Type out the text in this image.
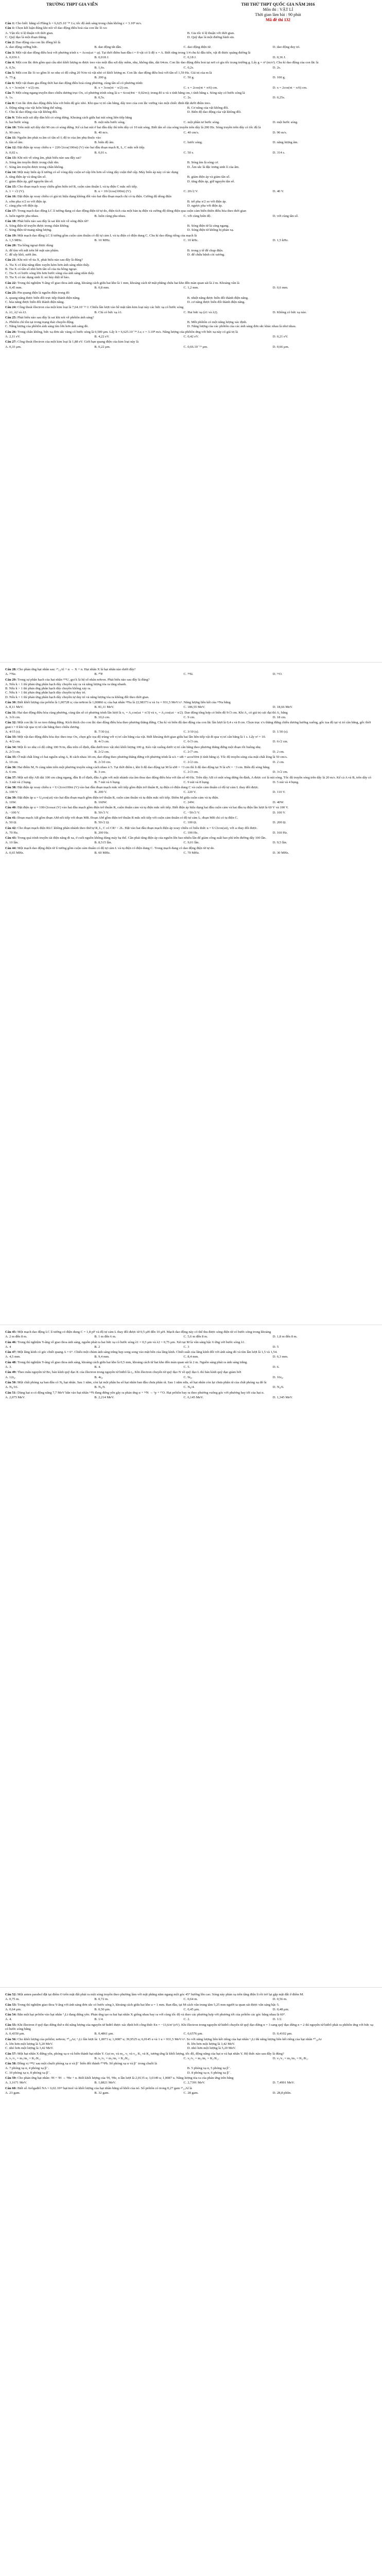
TRƯỜNG THPT GIA VIỄN	THI THỬ THPT QUỐC GIA NĂM 2016
Môn thi : VẬT LÍ
Thời gian làm bài : 90 phút
Mã đề thi 132
Câu 1: Cho biết: hằng số Plăng h = 6,625.10⁻³⁴ J.s; tốc độ ánh sáng trong chân không c = 3.10⁸ m/s.
Câu 1: Chọn kết luận đúng khi nói về dao động điều hoà của con lắc lò xo:
A. Vận tốc tỉ lệ thuận với thời gian.	B. Gia tốc tỉ lệ thuận với thời gian.
C. Quỹ đạo là một đoạn thẳng.	D. Quỹ đạo là một đường hình sin.
Câu 2: Dao động của con lắc đồng hồ là
A. dao động cưỡng bức.	B. dao động tắt dần.	C. dao động điện từ.	D. dao động duy trì.
Câu 3: Một vật dao động điều hoà với phương trình x = Acos(ωt + φ). Tại thời điểm ban đầu t = 0 vật có li độ x = A. Biết rằng trong 1/4 chu kì đầu tiên, vật đi được quãng đường là
A. 0,036 J.	B. 0,018 J.	C. 0,18 J.	D. 0,36 J.
Câu 4: Một con lắc đơn gồm quả cầu nhỏ khối lượng m được treo vào một đầu sợi dây mềm, nhẹ, không dãn, dài 64cm. Con lắc dao động điều hoà tại nơi có gia tốc trọng trường g. Lấy g = π² (m/s²). Chu kì dao động của con lắc là
A. 0,5s.	B. 1,6s.	C. 0,2s.	D. 2s.
Câu 5: Một con lắc lò xo gồm lò xo nhẹ có độ cứng 20 N/m và vật nhỏ có khối lượng m. Con lắc dao động điều hoà với tần số 1,59 Hz. Giá trị của m là
A. 75 g.	B. 200 g.	C. 50 g.	D. 100 g.
Câu 6: Một vật tham gia đồng thời hai dao động điều hoà cùng phương, cùng tần số có phương trình:
A. x = 3cos(πt + π/2) cm.	B. x = 3cos(πt − π/2) cm.	C. x = 2cos(πt + π/6) cm.	D. x = 2cos(πt − π/6) cm.
Câu 7: Một sóng ngang truyền theo chiều dương trục Ox, có phương trình sóng là u = 6cos(4πt − 0,02πx); trong đó u và x tính bằng cm, t tính bằng s. Sóng này có bước sóng là
A. 1s.	B. 0,5s.	C. 2s.	D. 0,25s.
Câu 8: Con lắc đơn dao động điều hòa với biên độ góc nhỏ. Khi qua vị trí cân bằng, dây treo của con lắc vướng vào một chiếc đinh đặt dưới điểm treo.
A. Động năng của vật luôn bằng thế năng.	B. Cơ năng của vật không đổi.
C. Chu kì dao động của vật không đổi.	D. Biên độ dao động của vật không đổi.
Câu 9: Trên một sợi dây đàn hồi có sóng dừng. Khoảng cách giữa hai nút sóng liên tiếp bằng
A. hai bước sóng.	B. một nửa bước sóng.	C. một phần tư bước sóng.	D. một bước sóng.
Câu 10: Trên một sợi dây dài 90 cm có sóng dừng. Kể cả hai nút ở hai đầu dây thì trên dây có 10 nút sóng. Biết tần số của sóng truyền trên dây là 200 Hz. Sóng truyền trên dây có tốc độ là
A. 90 cm/s.	B. 40 m/s.	C. 40 cm/s.	D. 90 m/s.
Câu 11: Nguồn âm phát ra âm có tần số f; độ to của âm phụ thuộc vào
A. tần số âm.	B. biên độ âm.	C. bước sóng.	D. năng lượng âm.
Câu 12: Đặt điện áp xoay chiều u = 220√2cos(100πt) (V) vào hai đầu đoạn mạch R, L, C mắc nối tiếp.
A. 0,02 s.	B. 0,01 s.	C. 50 s.	D. 314 s.
Câu 13: Khi nói về sóng âm, phát biểu nào sau đây sai?
A. Sóng âm truyền được trong chất rắn.	B. Sóng âm là sóng cơ.
C. Sóng âm truyền được trong chân không.	D. Âm sắc là đặc trưng sinh lí của âm.
Câu 14: Một máy biến áp lí tưởng có số vòng dây cuộn sơ cấp lớn hơn số vòng dây cuộn thứ cấp. Máy biến áp này có tác dụng
A. tăng điện áp và tăng tần số.	B. giảm điện áp và giảm tần số.
C. giảm điện áp, giữ nguyên tần số.	D. tăng điện áp, giữ nguyên tần số.
Câu 15: Cho đoạn mạch xoay chiều gồm biến trở R, cuộn cảm thuần L và tụ điện C mắc nối tiếp.
A. 1 = √2 (V).	B. u = 10√2cos(100πt) (V).	C. 20√2 V.	D. 40 V.
Câu 16: Đặt điện áp xoay chiều có giá trị hiệu dụng không đổi vào hai đầu đoạn mạch chỉ có tụ điện. Cường độ dòng điện
A. sớm pha π/2 so với điện áp.	B. trễ pha π/2 so với điện áp.
C. cùng pha với điện áp.	D. ngược pha với điện áp.
Câu 17: Trong mạch dao động LC lí tưởng đang có dao động điện từ tự do, điện tích của một bản tụ điện và cường độ dòng điện qua cuộn cảm biến thiên điều hòa theo thời gian
A. luôn ngược pha nhau.	B. luôn cùng pha nhau.	C. với cùng biên độ.	D. với cùng tần số.
Câu 18: Phát biểu nào sau đây là sai khi nói về sóng điện từ?
A. Sóng điện từ truyền được trong chân không.	B. Sóng điện từ là sóng ngang.
C. Sóng điện từ mang năng lượng.	D. Sóng điện từ không bị phản xạ.
Câu 19: Một mạch dao động LC lí tưởng gồm cuộn cảm thuần có độ tự cảm L và tụ điện có điện dung C. Chu kì dao động riêng của mạch là
A. 1,5 MHz.	B. 10 MHz.	C. 10 kHz.	D. 1,5 kHz.
Câu 20: Tia hồng ngoại được dùng
A. để tìm vết nứt trên bề mặt sản phẩm.	B. trong y tế để chụp điện.
C. để sấy khô, sưởi ấm.	D. để chữa bệnh còi xương.
Câu 21: Khi nói về tia X, phát biểu nào sau đây là đúng?
A. Tia X có khả năng đâm xuyên kém hơn ánh sáng nhìn thấy.
B. Tia X có tần số nhỏ hơn tần số của tia hồng ngoại.
C. Tia X có bước sóng lớn hơn bước sóng của ánh sáng nhìn thấy.
D. Tia X có tác dụng sinh lí: nó hủy diệt tế bào.
Câu 22: Trong thí nghiệm Y-âng về giao thoa ánh sáng, khoảng cách giữa hai khe là 1 mm, khoảng cách từ mặt phẳng chứa hai khe đến màn quan sát là 2 m. Khoảng vân là
A. 0,45 mm.	B. 0,8 mm.	C. 1,2 mm.	D. 0,6 mm.
Câu 23: Pin quang điện là nguồn điện trong đó
A. quang năng được biến đổi trực tiếp thành điện năng.	B. nhiệt năng được biến đổi thành điện năng.
C. hóa năng được biến đổi thành điện năng.	D. cơ năng được biến đổi thành điện năng.
Câu 24: Công thoát êlectron của một kim loại là 7,64.10⁻¹⁹ J. Chiếu lần lượt vào bề mặt tấm kim loại này các bức xạ có bước sóng
A. λ1, λ2 và λ3.	B. Chỉ có bức xạ λ1.	C. Hai bức xạ (λ1 và λ2).	D. Không có bức xạ nào.
Câu 25: Phát biểu nào sau đây là sai khi nói về phôtôn ánh sáng?
A. Phôtôn chỉ tồn tại trong trạng thái chuyển động.	B. Mỗi phôtôn có một năng lượng xác định.
C. Năng lượng của phôtôn ánh sáng tím lớn hơn ánh sáng đỏ.	D. Năng lượng của các phôtôn của các ánh sáng đơn sắc khác nhau là như nhau.
Câu 26: Trong chân không, bức xạ đơn sắc vàng có bước sóng là 0,589 μm. Lấy h = 6,625.10⁻³⁴ J.s; c = 3.10⁸ m/s. Năng lượng của phôtôn ứng với bức xạ này có giá trị là
A. 2,11 eV.	B. 4,22 eV.	C. 0,42 eV.	D. 0,21 eV.
Câu 27: Công thoát êlectron của một kim loại là 1,88 eV. Giới hạn quang điện của kim loại này là
A. 0,33 μm.	B. 0,22 μm.	C. 0,66.10⁻¹⁹ μm.	D. 0,66 μm.
Câu 28: Cho phản ứng hạt nhân sau: ²⁷₁₃Al + α → X + n. Hạt nhân X là hạt nhân nào dưới đây?
A. ²⁴Ne.	B. ³⁰P.	C. ²⁸Si.	D. ¹⁶O.
Câu 29: Trong sự phân hạch của hạt nhân ²³⁵U, gọi k là hệ số nhân nơtron. Phát biểu nào sau đây là đúng?
A. Nếu k < 1 thì phản ứng phân hạch dây chuyền xảy ra và năng lượng tỏa ra tăng nhanh.
B. Nếu k > 1 thì phản ứng phân hạch dây chuyền không xảy ra.
C. Nếu k > 1 thì phản ứng phân hạch dây chuyền tự duy trì.
D. Nếu k = 1 thì phản ứng phân hạch dây chuyền tự duy trì và năng lượng tỏa ra không đổi theo thời gian.
Câu 30: Biết khối lượng của prôtôn là 1,00728 u; của nơtron là 1,00866 u; của hạt nhân ²³Na là 22,98373 u và 1u = 931,5 MeV/c². Năng lượng liên kết của ²³Na bằng
A. 8,11 MeV.	B. 81,11 MeV.	C. 186,55 MeV.	D. 18,66 MeV.
Câu 31: Hai dao động điều hòa cùng phương, cùng tần số có phương trình lần lượt là x₁ = A₁cos(ωt + π/3) và x₂ = A₂cos(ωt − π/2). Dao động tổng hợp có biên độ 9√3 cm. Khi A₂ có giá trị cực đại thì A₁ bằng
A. 3√6 cm.	B. 10,6 cm.	C. 9 cm.	D. 18 cm.
Câu 32: Một con lắc lò xo treo thẳng đứng. Kích thích cho con lắc dao động điều hòa theo phương thẳng đứng. Chu kì và biên độ dao động của con lắc lần lượt là 0,4 s và 8 cm. Chọn trục x'x thẳng đứng chiều dương hướng xuống, gốc tọa độ tại vị trí cân bằng, gốc thời gian t = 0 khi vật qua vị trí cân bằng theo chiều dương.
A. 4/15 (s).	B. 7/30 (s).	C. 3/10 (s).	D. 1/30 (s).
Câu 33: Một vật dao động điều hòa dọc theo trục Ox, chọn gốc tọa độ trùng với vị trí cân bằng của vật. Biết khoảng thời gian giữa hai lần liên tiếp vật đi qua vị trí cân bằng là 1 s. Lấy π² = 10.
A. 4√2 cm.	B. 4√3 cm.	C. 6√3 cm.	D. 6√2 cm.
Câu 34: Một lò xo nhẹ có độ cứng 100 N/m, đầu trên cố định, đầu dưới treo vật nhỏ khối lượng 100 g. Kéo vật xuống dưới vị trí cân bằng theo phương thẳng đứng một đoạn rồi buông nhẹ.
A. 2√3 cm.	B. 2√2 cm.	C. 2√7 cm.	D. 2 cm.
Câu 35: Ở mặt chất lỏng có hai nguồn sóng A, B cách nhau 18 cm, dao động theo phương thẳng đứng với phương trình là uA = uB = acos50πt (t tính bằng s). Tốc độ truyền sóng của mặt chất lỏng là 50 cm/s.
A. 10 cm.	B. 2√10 cm.	C. 2√2 cm.	D. 2 cm.
Câu 36: Hai điểm M, N cùng nằm trên một phương truyền sóng cách nhau λ/3. Tại thời điểm t, khi li độ dao động tại M là uM = +3 cm thì li độ dao động tại N là uN = −3 cm. Biên độ sóng bằng
A. 6 cm.	B. 3 cm.	C. 2√3 cm.	D. 3√2 cm.
Câu 37: Một sợi dây AB dài 100 cm căng ngang, đầu B cố định, đầu A gắn với một nhánh của âm thoa dao động điều hòa với tần số 40 Hz. Trên dây AB có một sóng dừng ổn định, A được coi là nút sóng. Tốc độ truyền sóng trên dây là 20 m/s. Kể cả A và B, trên dây có
A. 3 nút và 2 bụng.	B. 7 nút và 6 bụng.	C. 9 nút và 8 bụng.	D. 5 nút và 4 bụng.
Câu 38: Đặt điện áp xoay chiều u = U√2cos100πt (V) vào hai đầu đoạn mạch mắc nối tiếp gồm điện trở thuần R, tụ điện có điện dung C và cuộn cảm thuần có độ tự cảm L thay đổi được.
A. 100 V.	B. 200 V.	C. 220 V.	D. 110 V.
Câu 39: Đặt điện áp u = U₀cos(ωt) vào hai đầu đoạn mạch gồm điện trở thuần R, cuộn cảm thuần và tụ điện mắc nối tiếp. Điểm M giữa cuộn cảm và tụ điện.
A. 16W.	B. 160W.	C. 24W.	D. 40W.
Câu 40: Đặt điện áp u = 100√2cosωt (V) vào hai đầu mạch gồm điện trở thuần R, cuộn thuần cảm và tụ điện mắc nối tiếp. Biết điện áp hiệu dụng hai đầu cuộn cảm và hai đầu tụ điện lần lượt là 60 V và 100 V.
A. −100 V.	B. 50√3 V.	C. −50√3 V.	D. 100 V.
Câu 41: Đoạn mạch AB gồm đoạn AM nối tiếp với đoạn MB. Đoạn AM gồm điện trở thuần R mắc nối tiếp với cuộn cảm thuần có độ tự cảm L; đoạn MB chỉ có tụ điện C.
A. 50 Ω.	B. 50√2 Ω.	C. 100 Ω.	D. 200 Ω.
Câu 42: Cho đoạn mạch điện RLC không phân nhánh theo thứ tự R, L, C có CR² < 2L. Đặt vào hai đầu đoạn mạch điện áp xoay chiều có biểu thức u = U√2cos(ωt), với ω thay đổi được.
A. 70 Hz.	B. 200 Hz.	C. 100 Hz.	D. 160 Hz.
Câu 43: Trong quá trình truyền tải điện năng đi xa, ở cuối nguồn không dùng máy hạ thế. Cần phải tăng điện áp của nguồn lên bao nhiêu lần để giảm công suất hao phí trên đường dây 100 lần.
A. 10 lần.	B. 8,515 lần.	C. 9,01 lần.	D. 9,5 lần.
Câu 44: Một mạch dao động điện từ lí tưởng gồm cuộn cảm thuần có độ tự cảm L và tụ điện có điện dung C. Trong mạch đang có dao động điện từ tự do.
A. 0,65 MHz.	B. 60 MHz.	C. 70 MHz.	D. 30 MHz.
Câu 45: Một mạch dao động LC lí tưởng có điện dung C = 1,8 pF và độ tự cảm L thay đổi được từ 0,5 μH đến 10 μH. Mạch dao động này có thể thu được sóng điện từ có bước sóng trong khoảng
A. 2 m đến 8 m.	B. 1 m đến 6 m.	C. 5,6 m đến 8 m.	D. 1,8 m đến 8 m.
Câu 46: Trong thí nghiệm Y-âng về giao thoa ánh sáng, nguồn phát ra hai bức xạ có bước sóng λ1 = 0,5 μm và λ2 = 0,75 μm. Xét tại M là vân sáng bậc 6 ứng với bước sóng λ1.
A. 4	B. 2	C. 3	D. 5
Câu 47: Một lăng kính có góc chiết quang A = 6°. Chiếu một chùm ánh sáng trắng hẹp song song vào mặt bên của lăng kính. Chiết suất của lăng kính đối với ánh sáng đỏ và tím lần lượt là 1,5 và 1,54.
A. 4,5 mm.	B. 9,4 mm.	C. 8,4 mm.	D. 6,3 mm.
Câu 48: Trong thí nghiệm Y-âng về giao thoa ánh sáng, khoảng cách giữa hai khe là 0,5 mm, khoảng cách từ hai khe đến màn quan sát là 2 m. Nguồn sáng phát ra ánh sáng trắng.
A. 3.	B. 4.	C. 5.	D. 6.
Câu 49: Theo mẫu nguyên tử Bo, bán kính quỹ đạo K của êlectron trong nguyên tử hiđrô là r₀. Khi êlectron chuyển từ quỹ đạo N về quỹ đạo L thì bán kính quỹ đạo giảm bớt
A. 12r₀.	B. 4r₀.	C. 9r₀.	D. 16r₀.
Câu 50: Một chất phóng xạ ban đầu có N₀ hạt nhân. Sau 1 năm, còn lại một phần ba số hạt nhân ban đầu chưa phân rã. Sau 1 năm nữa, số hạt nhân còn lại chưa phân rã của chất phóng xạ đó là
A. N₀/16.	B. N₀/9.	C. N₀/4.	D. N₀/6.
Câu 51: Dùng hạt α có động năng 7,7 MeV bắn vào hạt nhân ¹⁴N đang đứng yên gây ra phản ứng α + ¹⁴N → ¹p + ¹⁷O. Hạt prôtôn bay ra theo phương vuông góc với phương bay tới của hạt α.
A. 2,075 MeV.	B. 2,214 MeV.	C. 6,145 MeV.	D. 1,345 MeV.
Câu 52: Một anten parabol đặt tại điểm O trên mặt đất phát ra một sóng truyền theo phương làm với mặt phẳng nằm ngang một góc 45° hướng lên cao. Sóng này phản xạ trên tầng điện li rồi trở lại gặp mặt đất ở điểm M.
A. 0,75 m.	B. 0,72 m.	C. 0,64 m.	D. 0,56 m.
Câu 53: Trong thí nghiệm giao thoa Y-âng với ánh sáng đơn sắc có bước sóng λ, khoảng cách giữa hai khe a = 1 mm. Ban đầu, tại M cách vân trung tâm 5,25 mm người ta quan sát được vân sáng bậc 5.
A. 0,64 μm.	B. 0,50 μm.	C. 0,45 μm.	D. 0,48 μm.
Câu 54: Bắn một hạt prôtôn vào hạt nhân ⁷₃Li đang đứng yên. Phản ứng tạo ra hai hạt nhân X giống nhau bay ra với cùng tốc độ và theo các phương hợp với phương tới của prôtôn các góc bằng nhau là 60°.
A. 4.	B. 1/4.	C. 2.	D. 1/2.
Câu 55: Khi êlectron ở quỹ đạo dừng thứ n thì năng lượng của nguyên tử hiđrô được xác định bởi công thức En = −13,6/n² (eV). Khi êlectron trong nguyên tử hiđrô chuyển từ quỹ đạo dừng n = 3 sang quỹ đạo dừng n = 2 thì nguyên tử hiđrô phát ra phôtôn ứng với bức xạ có bước sóng bằng
A. 0,4350 μm.	B. 0,4861 μm.	C. 0,6576 μm.	D. 0,4102 μm.
Câu 56: Cho khối lượng của prôtôn; nơtron; ⁴⁰₁₈Ar; ⁶₃Li lần lượt là: 1,0073 u; 1,0087 u; 39,9525 u; 6,0145 u và 1 u = 931,5 MeV/c². So với năng lượng liên kết riêng của hạt nhân ⁶₃Li thì năng lượng liên kết riêng của hạt nhân ⁴⁰₁₈Ar
A. lớn hơn một lượng là 5,20 MeV.	B. lớn hơn một lượng là 3,42 MeV.
C. nhỏ hơn một lượng là 3,42 MeV.	D. nhỏ hơn một lượng là 5,20 MeV.
Câu 57: Một hạt nhân X đứng yên, phóng xạ α và biến thành hạt nhân Y. Gọi m₁ và m₂, v₁ và v₂, K₁ và K₂ tương ứng là khối lượng, tốc độ, động năng của hạt α và hạt nhân Y. Hệ thức nào sau đây là đúng?
A. v₁/v₂ = m₁/m₂ = K₁/K₂.	B. v₂/v₁ = m₂/m₁ = K₂/K₁.	C. v₁/v₂ = m₂/m₁ = K₁/K₂.	D. v₁/v₂ = m₂/m₁ = K₂/K₁.
Câu 58: Đồng vị ²³⁸U sau một chuỗi phóng xạ α và β⁻ biến đổi thành ²⁰⁶Pb. Số phóng xạ α và β⁻ trong chuỗi là
A. 7 phóng xạ α, 4 phóng xạ β⁻.	B. 5 phóng xạ α, 5 phóng xạ β⁻.
C. 10 phóng xạ α, 8 phóng xạ β⁻.	D. 8 phóng xạ α, 6 phóng xạ β⁻.
Câu 59: Cho phản ứng hạt nhân: ²H + ²H → ³He + n. Biết khối lượng của ²H, ³He, n lần lượt là 2,0135 u; 3,0149 u; 1,0087 u. Năng lượng tỏa ra của phản ứng trên bằng
A. 3,1671 MeV.	B. 1,8821 MeV.	C. 2,7391 MeV.	D. 7,4991 MeV.
Câu 60: Biết số Avôgađrô NA = 6,02.10²³ hạt/mol và khối lượng của hạt nhân bằng số khối của nó. Số prôtôn có trong 0,27 gam ²⁷₁₃Al là
A. 23 gam.	B. 32 gam.	C. 28 gam.	D. 28,8 phôn.
